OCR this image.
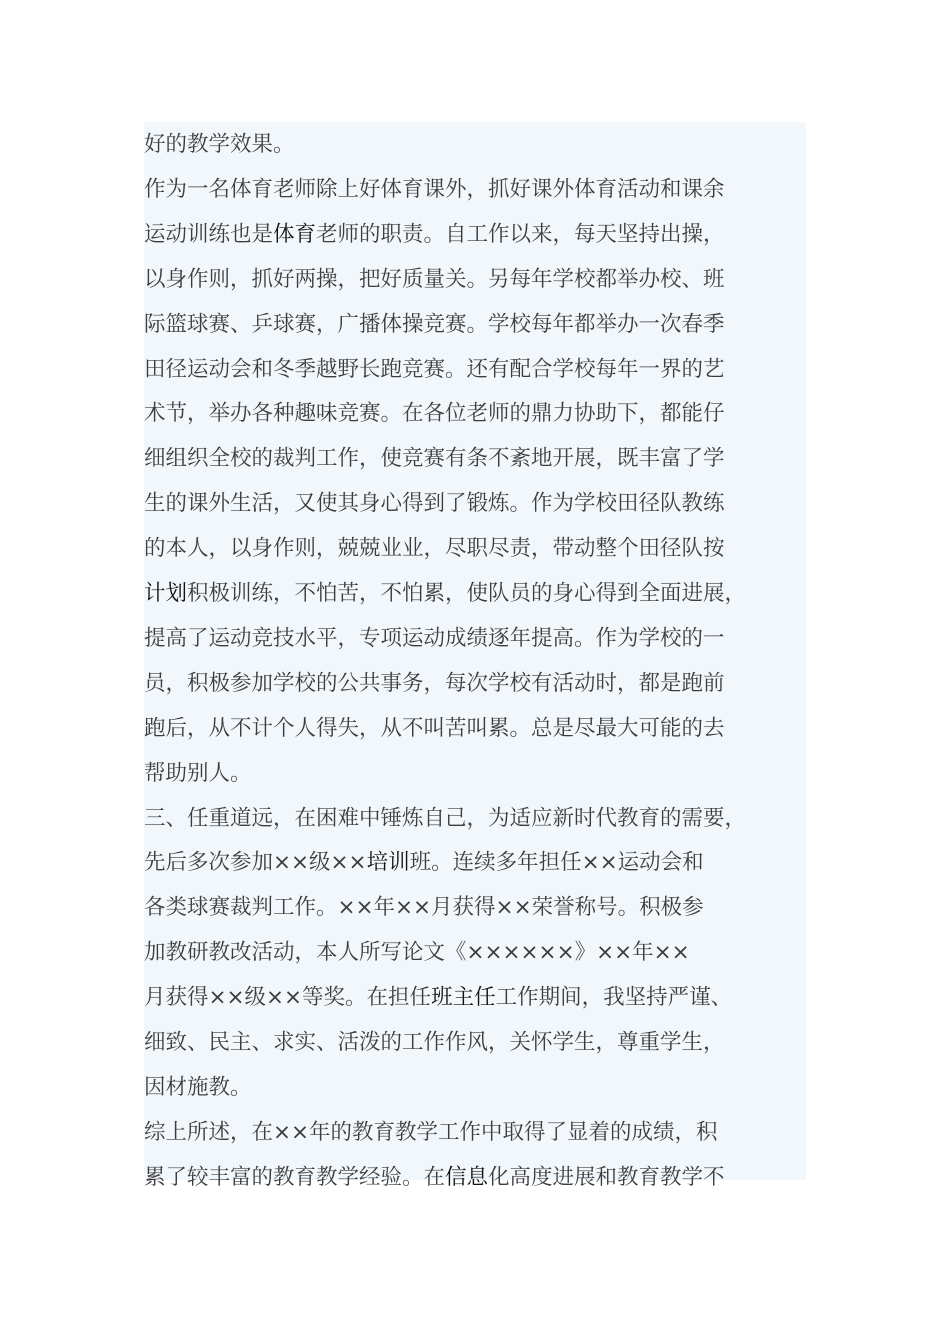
好的教学效果。
作为一名体育老师除上好体育课外，抓好课外体育活动和课余
运动训练也是体育老师的职责。自工作以来，每天坚持出操，
以身作则，抓好两操，把好质量关。另每年学校都举办校、班
际篮球赛、乒球赛，广播体操竞赛。学校每年都举办一次春季
田径运动会和冬季越野长跑竞赛。还有配合学校每年一界的艺
术节，举办各种趣味竞赛。在各位老师的鼎力协助下，都能仔
细组织全校的裁判工作，使竞赛有条不紊地开展，既丰富了学
生的课外生活，又使其身心得到了锻炼。作为学校田径队教练
的本人，以身作则，兢兢业业，尽职尽责，带动整个田径队按
计划积极训练，不怕苦，不怕累，使队员的身心得到全面进展，
提高了运动竞技水平，专项运动成绩逐年提高。作为学校的一
员，积极参加学校的公共事务，每次学校有活动时，都是跑前
跑后，从不计个人得失，从不叫苦叫累。总是尽最大可能的去
帮助别人。
三、任重道远，在困难中锤炼自己，为适应新时代教育的需要，
先后多次参加××级××培训班。连续多年担任××运动会和
各类球赛裁判工作。××年××月获得××荣誉称号。积极参
加教研教改活动，本人所写论文《××××××》××年××
月获得××级××等奖。在担任班主任工作期间，我坚持严谨、
细致、民主、求实、活泼的工作作风，关怀学生，尊重学生，
因材施教。
综上所述，在××年的教育教学工作中取得了显着的成绩，积
累了较丰富的教育教学经验。在信息化高度进展和教育教学不
